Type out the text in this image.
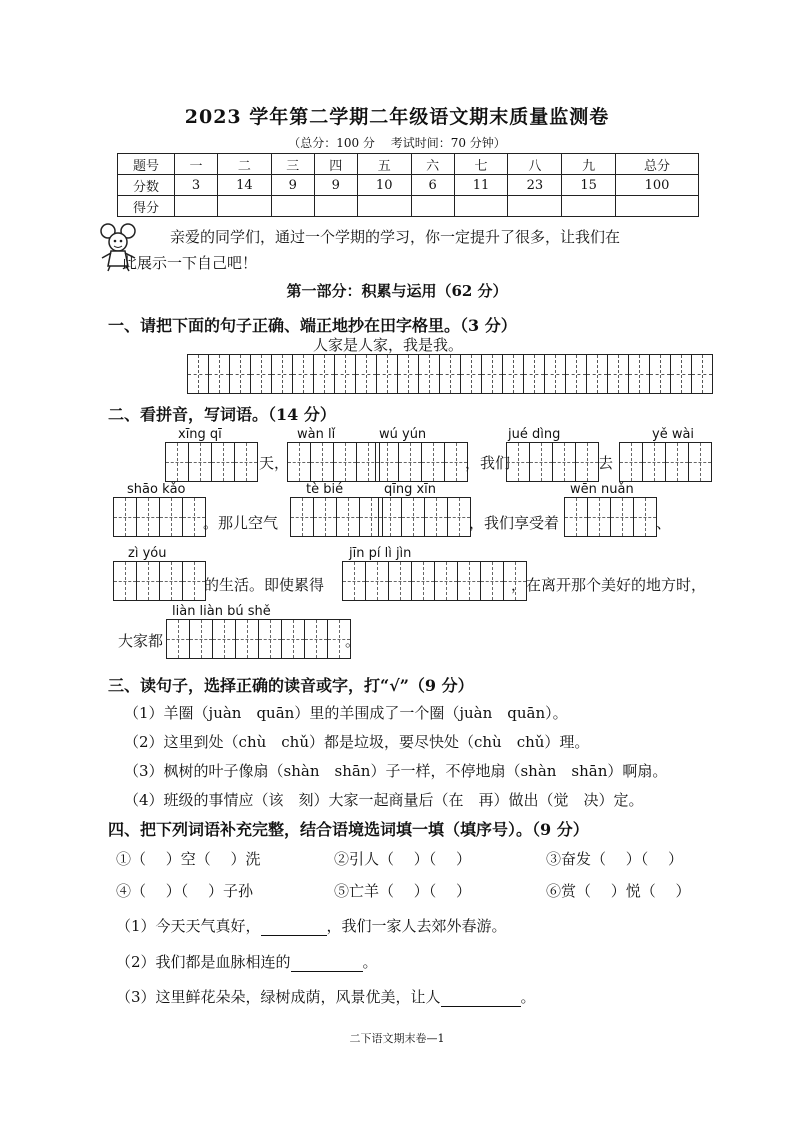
2023 学年第二学期二年级语文期末质量监测卷
（总分：100 分　 考试时间：70 分钟）
题号	一	二	三	四	五	六	七	八	九	总分
分数	3	14	9	9	10	6	11	23	15	100
得分										
亲爱的同学们，通过一个学期的学习，你一定提升了很多，让我们在
此展示一下自己吧！
第一部分：积累与运用（62 分）
一、请把下面的句子正确、端正地抄在田字格里。（3 分）
人家是人家，我是我。
二、看拼音，写词语。（14 分）
xīng qī
天，
wàn lǐ	wú yún
，我们
jué dìng
去
yě wài
shāo kǎo
。那儿空气
tè bié	qīng xīn
，我们享受着
wēn nuǎn
、
zì yóu
的生活。即使累得
jīn pí lì jìn
，在离开那个美好的地方时，
liàn liàn bú shě
大家都	。
三、读句子，选择正确的读音或字，打“√”（9 分）
（1）羊圈（juàn　quān）里的羊围成了一个圈（juàn　quān）。
（2）这里到处（chù　chǔ）都是垃圾，要尽快处（chù　chǔ）理。
（3）枫树的叶子像扇（shàn　shān）子一样，不停地扇（shàn　shān）啊扇。
（4）班级的事情应（该　刻）大家一起商量后（在　再）做出（觉　决）定。
四、把下列词语补充完整，结合语境选词填一填（填序号）。（9 分）
①（　 ）空（　 ）洗	②引人（　 ）（　 ）	③奋发（　 ）（　 ）
④（　 ）（　 ）子孙	⑤亡羊（　 ）（　 ）	⑥赏（　 ）悦（　 ）
（1）今天天气真好，	，我们一家人去郊外春游。
（2）我们都是血脉相连的	。
（3）这里鲜花朵朵，绿树成荫，风景优美，让人	。
二下语文期末卷—1
